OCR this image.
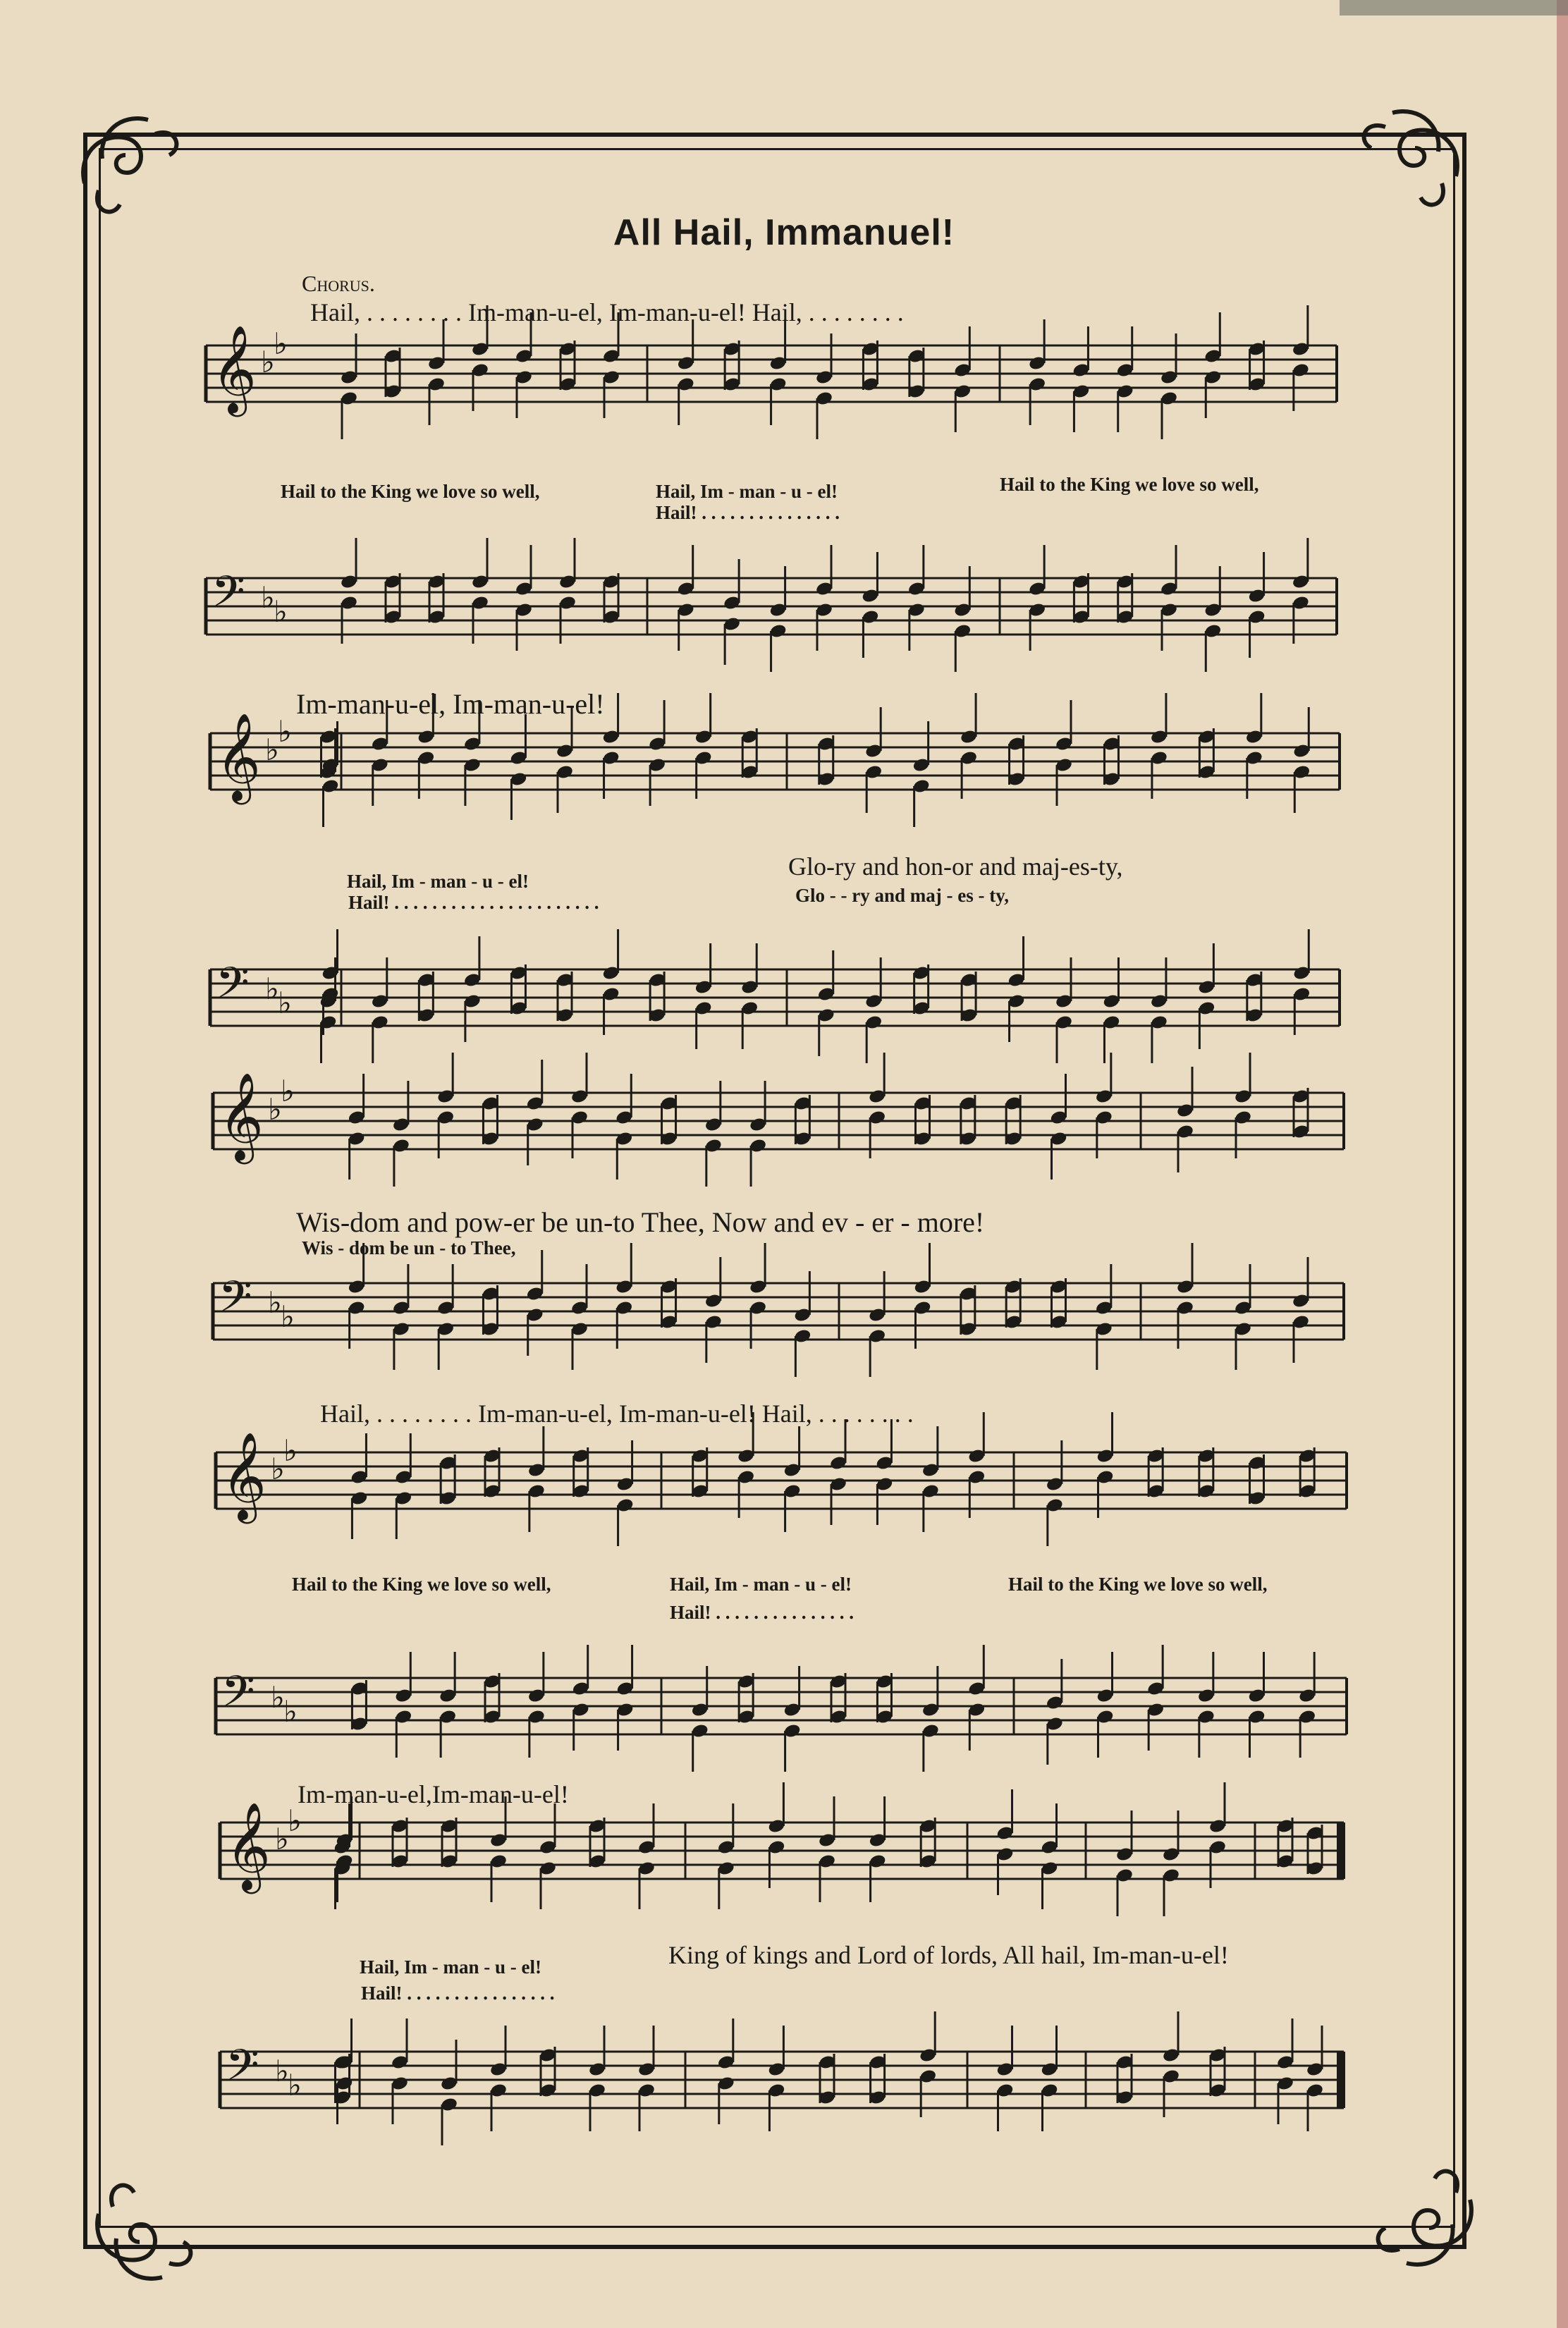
All Hail, Immanuel!
Chorus.
𝄞 ♭
♭
𝄢 ♭
♭
𝄞 ♭
♭
𝄢 ♭
♭
𝄞 ♭
♭
𝄢 ♭
♭
𝄞 ♭
♭
𝄢 ♭
♭
𝄞 ♭
♭
𝄢 ♭
♭
Hail, . . . . . . . . Im-man-u-el, Im-man-u-el! Hail, . . . . . . . .
Hail to the King we love so well,	Hail, Im - man - u - el!	Hail to the King we love so well,
Hail! . . . . . . . . . . . . . . .
Im-man-u-el, Im-man-u-el!
Hail, Im - man - u - el!
Glo-ry and hon-or and maj-es-ty,
Glo - - ry and maj - es - ty,
Hail! . . . . . . . . . . . . . . . . . . . . . .
Wis-dom and pow-er be un-to Thee, Now and ev - er - more!
Wis - dom be un - to Thee,
Hail, . . . . . . . . Im-man-u-el, Im-man-u-el! Hail, . . . . . . . .
Hail to the King we love so well,	Hail, Im - man - u - el!	Hail to the King we love so well,
Hail! . . . . . . . . . . . . . . .
Im-man-u-el,Im-man-u-el!
Hail, Im - man - u - el!	King of kings and Lord of lords, All hail, Im-man-u-el!
Hail! . . . . . . . . . . . . . . . .
